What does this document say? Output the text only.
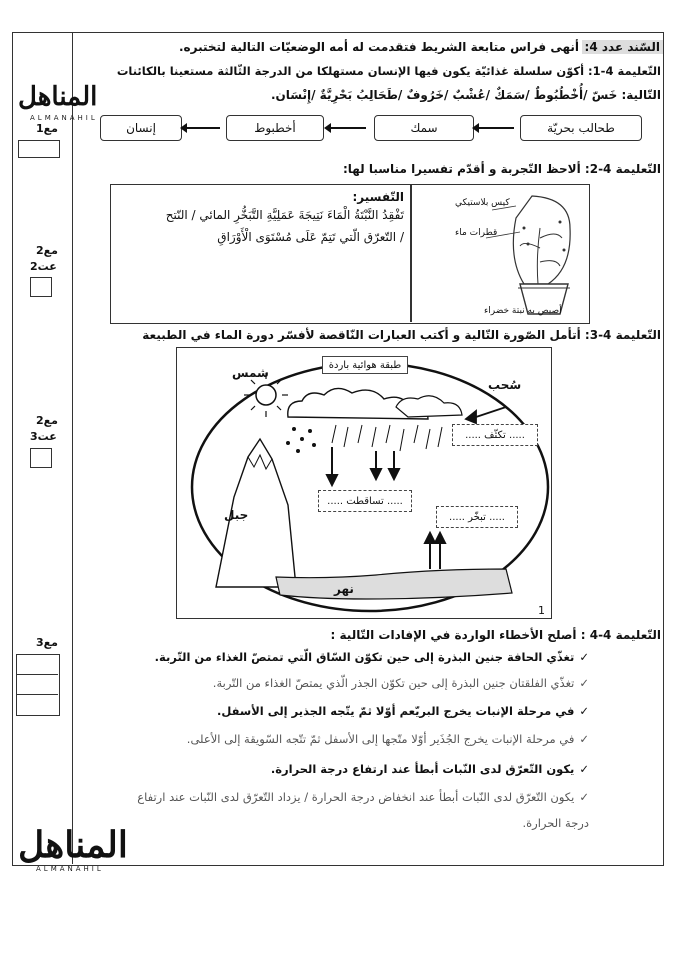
المناهل
ALMANAHIL
المناهل
ALMANAHIL
مع1
مع2
عت2
مع2
عت3
مع3
السّند عدد 4:
أنهى فراس متابعة الشريط فتقدمت له أمه الوضعيّات التالية لتختبره.
التّعليمة 4-1: أكوّن سلسلة غذائيّة يكون فيها الإنسان مستهلكا من الدرجة الثّالثة مستعينا بالكائنات
التّالية: خَسّ /أُخْطُبُوطٌ /سَمَكٌ /عُشْبٌ /خَرُوفٌ /طَحَالِبُ بَحْرِيَّةٌ /إِنْسَان.
طحالب بحريّة
سمك
أخطبوط
إنسان
التّعليمة 4-2: ألاحظ التّجربة و أقدّم تفسيرا مناسبا لها:
التّفسير:
تَفْقِدُ النَّبْتَةُ الْمَاءَ نَتِيجَةَ عَمَلِيَّةِ التَّبَخُّرِ المائي / النّتح
/ التّعرّق الّتي تَتِمّ عَلَى مُسْتَوَى الْأَوْرَاقِ
كيس بلاستيكي
قطرات ماء
أصيص به نبتة خضراء
التّعليمة 4-3: أتأمل الصّورة التّالية و أكتب العبارات النّاقصة لأفسّر دورة الماء في الطبيعة
شمس
طبقة هوائية باردة
سُحب
..... تكثّف .....
..... تساقطت .....
..... تبخّر .....
جبل
نهر
1
التّعليمة 4-4 : أصلح الأخطاء الواردة في الإفادات التّالية :
✓تغذّي الحافة جنين البذرة إلى حين تكوّن السّاق الّتي تمتصّ الغذاء من التّربة.
✓تغذّي الفلقتان جنين البذرة إلى حين تكوّن الجذر الّذي يمتصّ الغذاء من التّربة.
✓في مرحلة الإنبات يخرج البريّعم أوّلا ثمّ يتّجه الجذير إلى الأسفل.
✓في مرحلة الإنبات يخرج الجُذَير أوّلا متّجها إلى الأسفل ثمّ تتّجه السّويقة إلى الأعلى.
✓يكون التّعرّق لدى النّبات أبطأ عند ارتفاع درجة الحرارة.
✓يكون التّعرّق لدى النّبات أبطأ عند انخفاض درجة الحرارة / يزداد التّعرّق لدى النّبات عند ارتفاع
درجة الحرارة.
